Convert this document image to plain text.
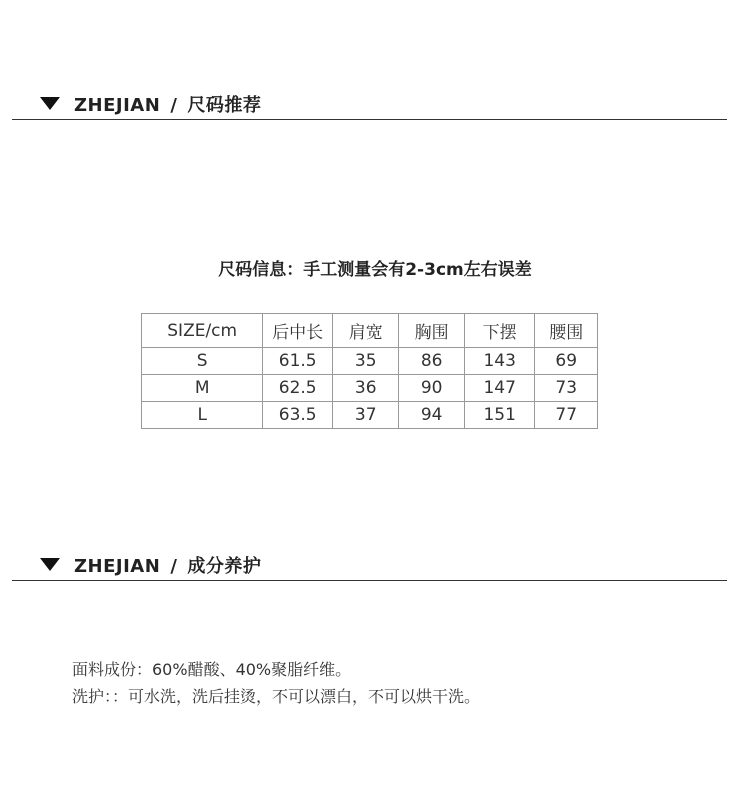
ZHEJIAN / 尺码推荐
尺码信息：手工测量会有2-3cm左右误差
SIZE/cm	后中长	肩宽	胸围	下摆	腰围
S	61.5	35	86	143	69
M	62.5	36	90	147	73
L	63.5	37	94	151	77
ZHEJIAN / 成分养护
面料成份：60%醋酸、40%聚脂纤维。
洗护：：可水洗，洗后挂烫，不可以漂白，不可以烘干洗。
